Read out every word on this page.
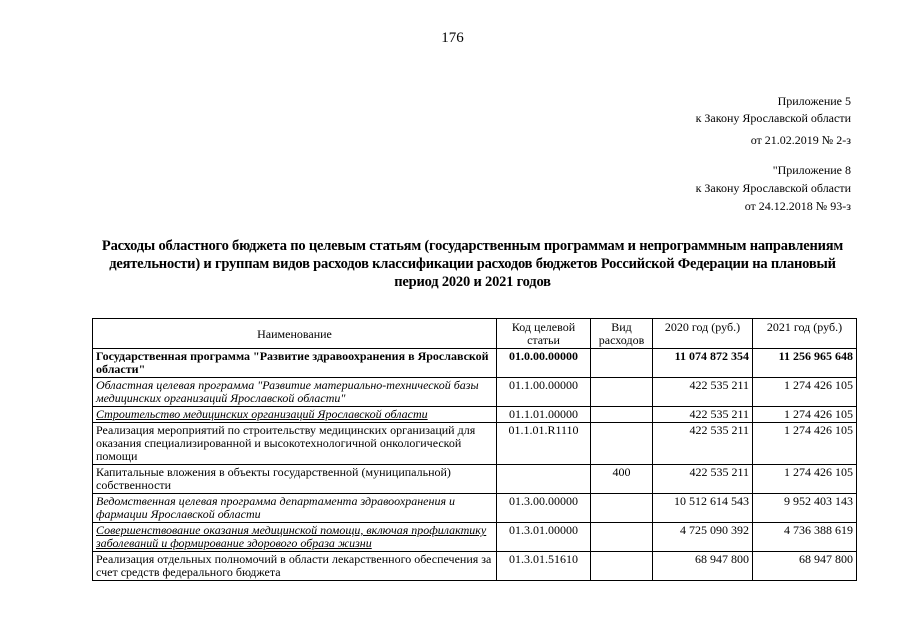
176
Приложение 5
к Закону Ярославской области
от 21.02.2019 № 2-з
"Приложение 8
к Закону Ярославской области
от 24.12.2018 № 93-з
Расходы областного бюджета по целевым статьям (государственным программам и непрограммным направлениям деятельности) и группам видов расходов классификации расходов бюджетов Российской Федерации на плановый период 2020 и 2021 годов
Наименование	Код целевой статьи	Вид расходов	2020 год (руб.)	2021 год (руб.)
Государственная программа "Развитие здравоохранения в Ярославской области"	01.0.00.00000		11 074 872 354	11 256 965 648
Областная целевая программа "Развитие материально-технической базы медицинских организаций Ярославской области"	01.1.00.00000		422 535 211	1 274 426 105
Строительство медицинских организаций Ярославской области	01.1.01.00000		422 535 211	1 274 426 105
Реализация мероприятий по строительству медицинских организаций для оказания специализированной и высокотехнологичной онкологической помощи	01.1.01.R1110		422 535 211	1 274 426 105
Капитальные вложения в объекты государственной (муниципальной) собственности		400	422 535 211	1 274 426 105
Ведомственная целевая программа департамента здравоохранения и фармации Ярославской области	01.3.00.00000		10 512 614 543	9 952 403 143
Совершенствование оказания медицинской помощи, включая профилактику заболеваний и формирование здорового образа жизни	01.3.01.00000		4 725 090 392	4 736 388 619
Реализация отдельных полномочий в области лекарственного обеспечения за счет средств федерального бюджета	01.3.01.51610		68 947 800	68 947 800
